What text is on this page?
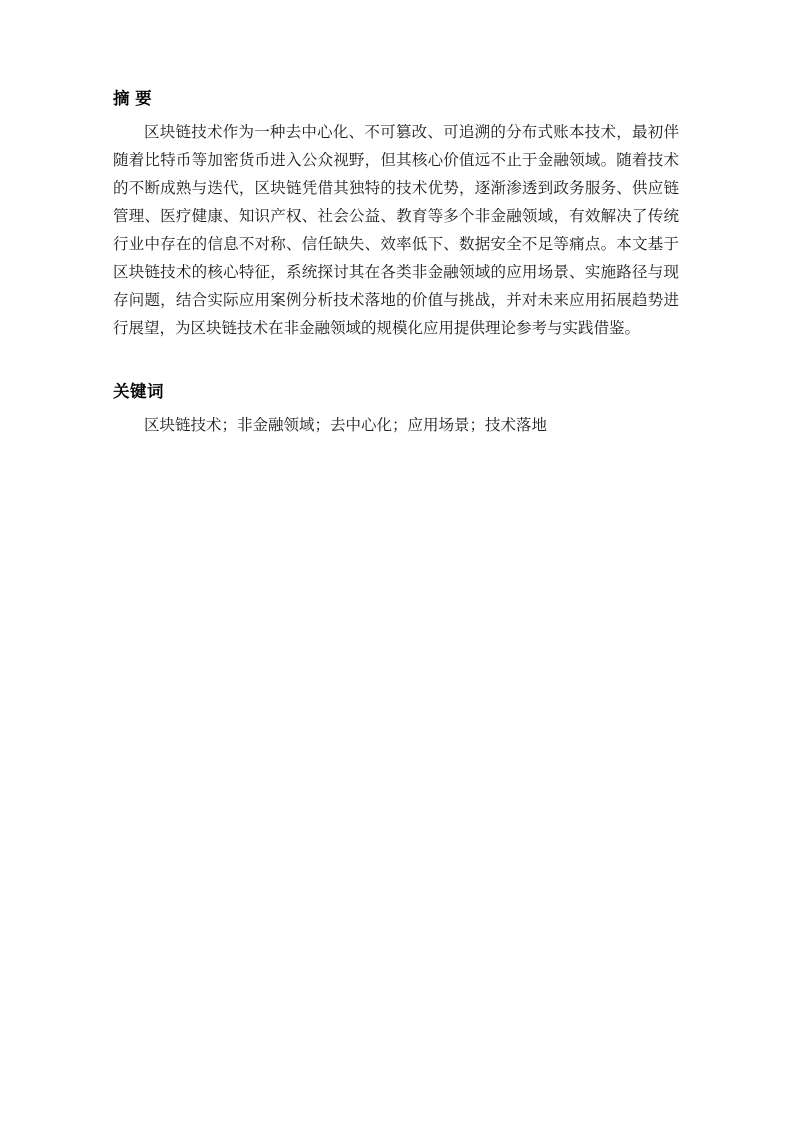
摘 要

区块链技术作为一种去中心化、不可篡改、可追溯的分布式账本技术，最初伴随着比特币等加密货币进入公众视野，但其核心价值远不止于金融领域。随着技术的不断成熟与迭代，区块链凭借其独特的技术优势，逐渐渗透到政务服务、供应链管理、医疗健康、知识产权、社会公益、教育等多个非金融领域，有效解决了传统行业中存在的信息不对称、信任缺失、效率低下、数据安全不足等痛点。本文基于区块链技术的核心特征，系统探讨其在各类非金融领域的应用场景、实施路径与现存问题，结合实际应用案例分析技术落地的价值与挑战，并对未来应用拓展趋势进行展望，为区块链技术在非金融领域的规模化应用提供理论参考与实践借鉴。

关键词

区块链技术；非金融领域；去中心化；应用场景；技术落地
